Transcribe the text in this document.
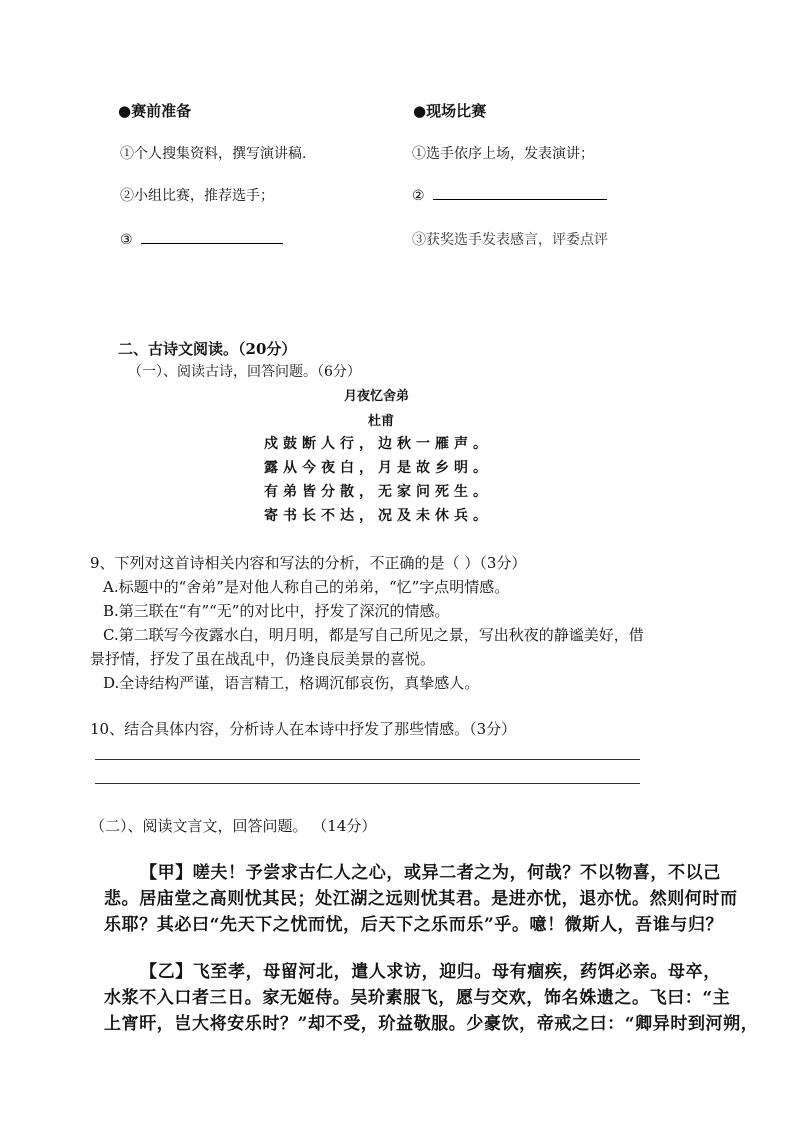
●赛前准备	●现场比赛
①个人搜集资料，撰写演讲稿.
②小组比赛，推荐选手；
③
①选手依序上场，发表演讲；
②
③获奖选手发表感言，评委点评
二、古诗文阅读。（20分）
（一）、阅读古诗，回答问题。（6分）
月夜忆舍弟
杜甫
戍鼓断人行，边秋一雁声。
露从今夜白，月是故乡明。
有弟皆分散，无家问死生。
寄书长不达，况及未休兵。
9、下列对这首诗相关内容和写法的分析，不正确的是（ ）（3分）
A.标题中的“舍弟”是对他人称自己的弟弟，“忆”字点明情感。
B.第三联在“有”“无”的对比中，抒发了深沉的情感。
C.第二联写今夜露水白，明月明，都是写自己所见之景，写出秋夜的静谧美好，借
景抒情，抒发了虽在战乱中，仍逢良辰美景的喜悦。
D.全诗结构严谨，语言精工，格调沉郁哀伤，真挚感人。
10、结合具体内容，分析诗人在本诗中抒发了那些情感。（3分）
（二）、阅读文言文，回答问题。 （14分）
【甲】嗟夫！予尝求古仁人之心，或异二者之为，何哉？不以物喜，不以己
悲。居庙堂之高则忧其民；处江湖之远则忧其君。是进亦忧，退亦忧。然则何时而
乐耶？其必曰“先天下之忧而忧，后天下之乐而乐”乎。噫！微斯人，吾谁与归？
【乙】飞至孝，母留河北，遣人求访，迎归。母有痼疾，药饵必亲。母卒，
水浆不入口者三日。家无姬侍。吴玠素服飞，愿与交欢，饰名姝遗之。飞曰：“主
上宵旰，岂大将安乐时？”却不受，玠益敬服。少豪饮，帝戒之曰：“卿异时到河朔，
